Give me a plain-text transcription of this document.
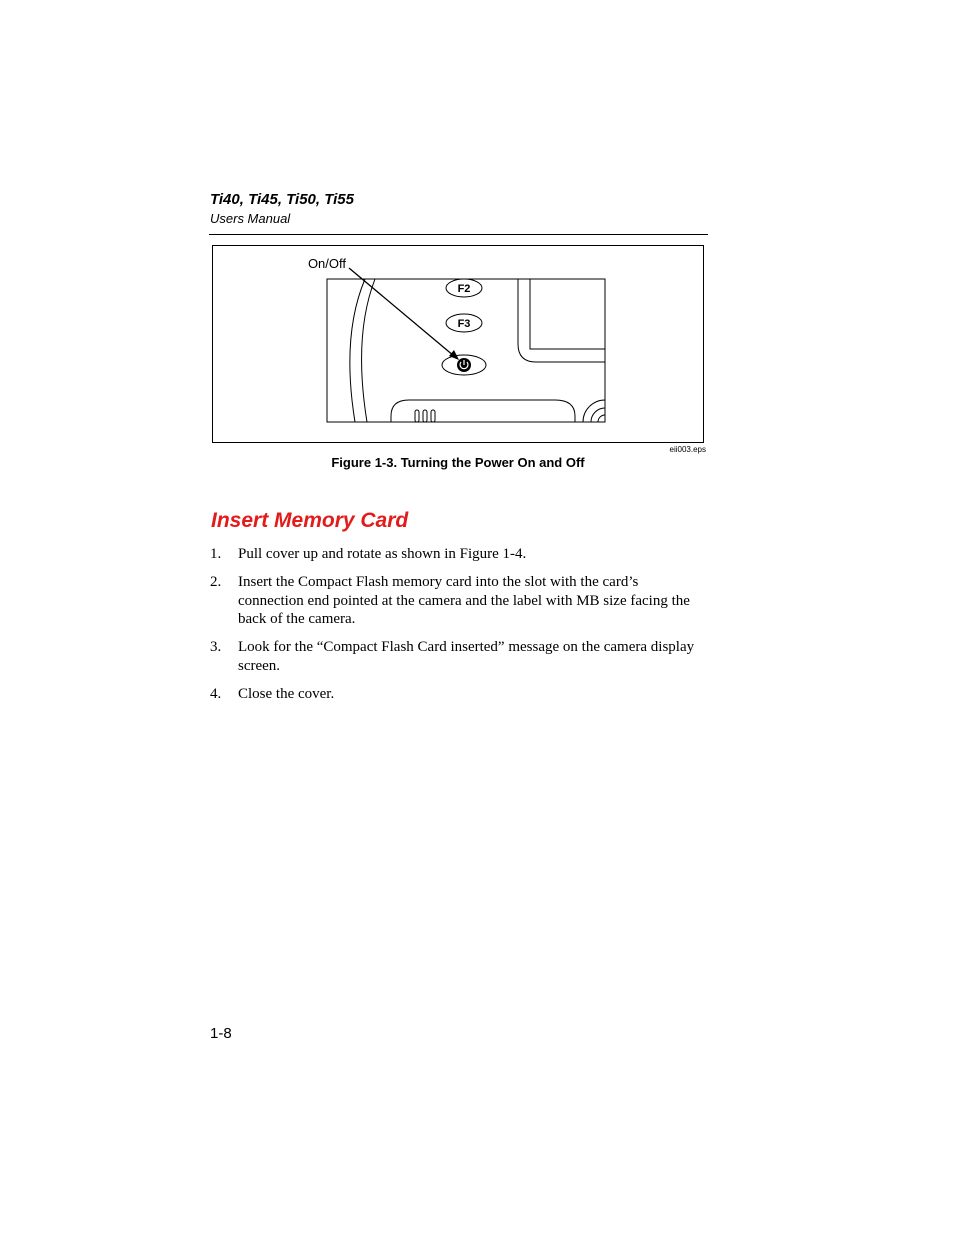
Ti40, Ti45, Ti50, Ti55
Users Manual
F2
F3
On/Off
eii003.eps
Figure 1-3. Turning the Power On and Off
Insert Memory Card
1. Pull cover up and rotate as shown in Figure 1-4.
2. Insert the Compact Flash memory card into the slot with the card’s connection end pointed at the camera and the label with MB size facing the back of the camera.
3. Look for the “Compact Flash Card inserted” message on the camera display screen.
4. Close the cover.
1-8
